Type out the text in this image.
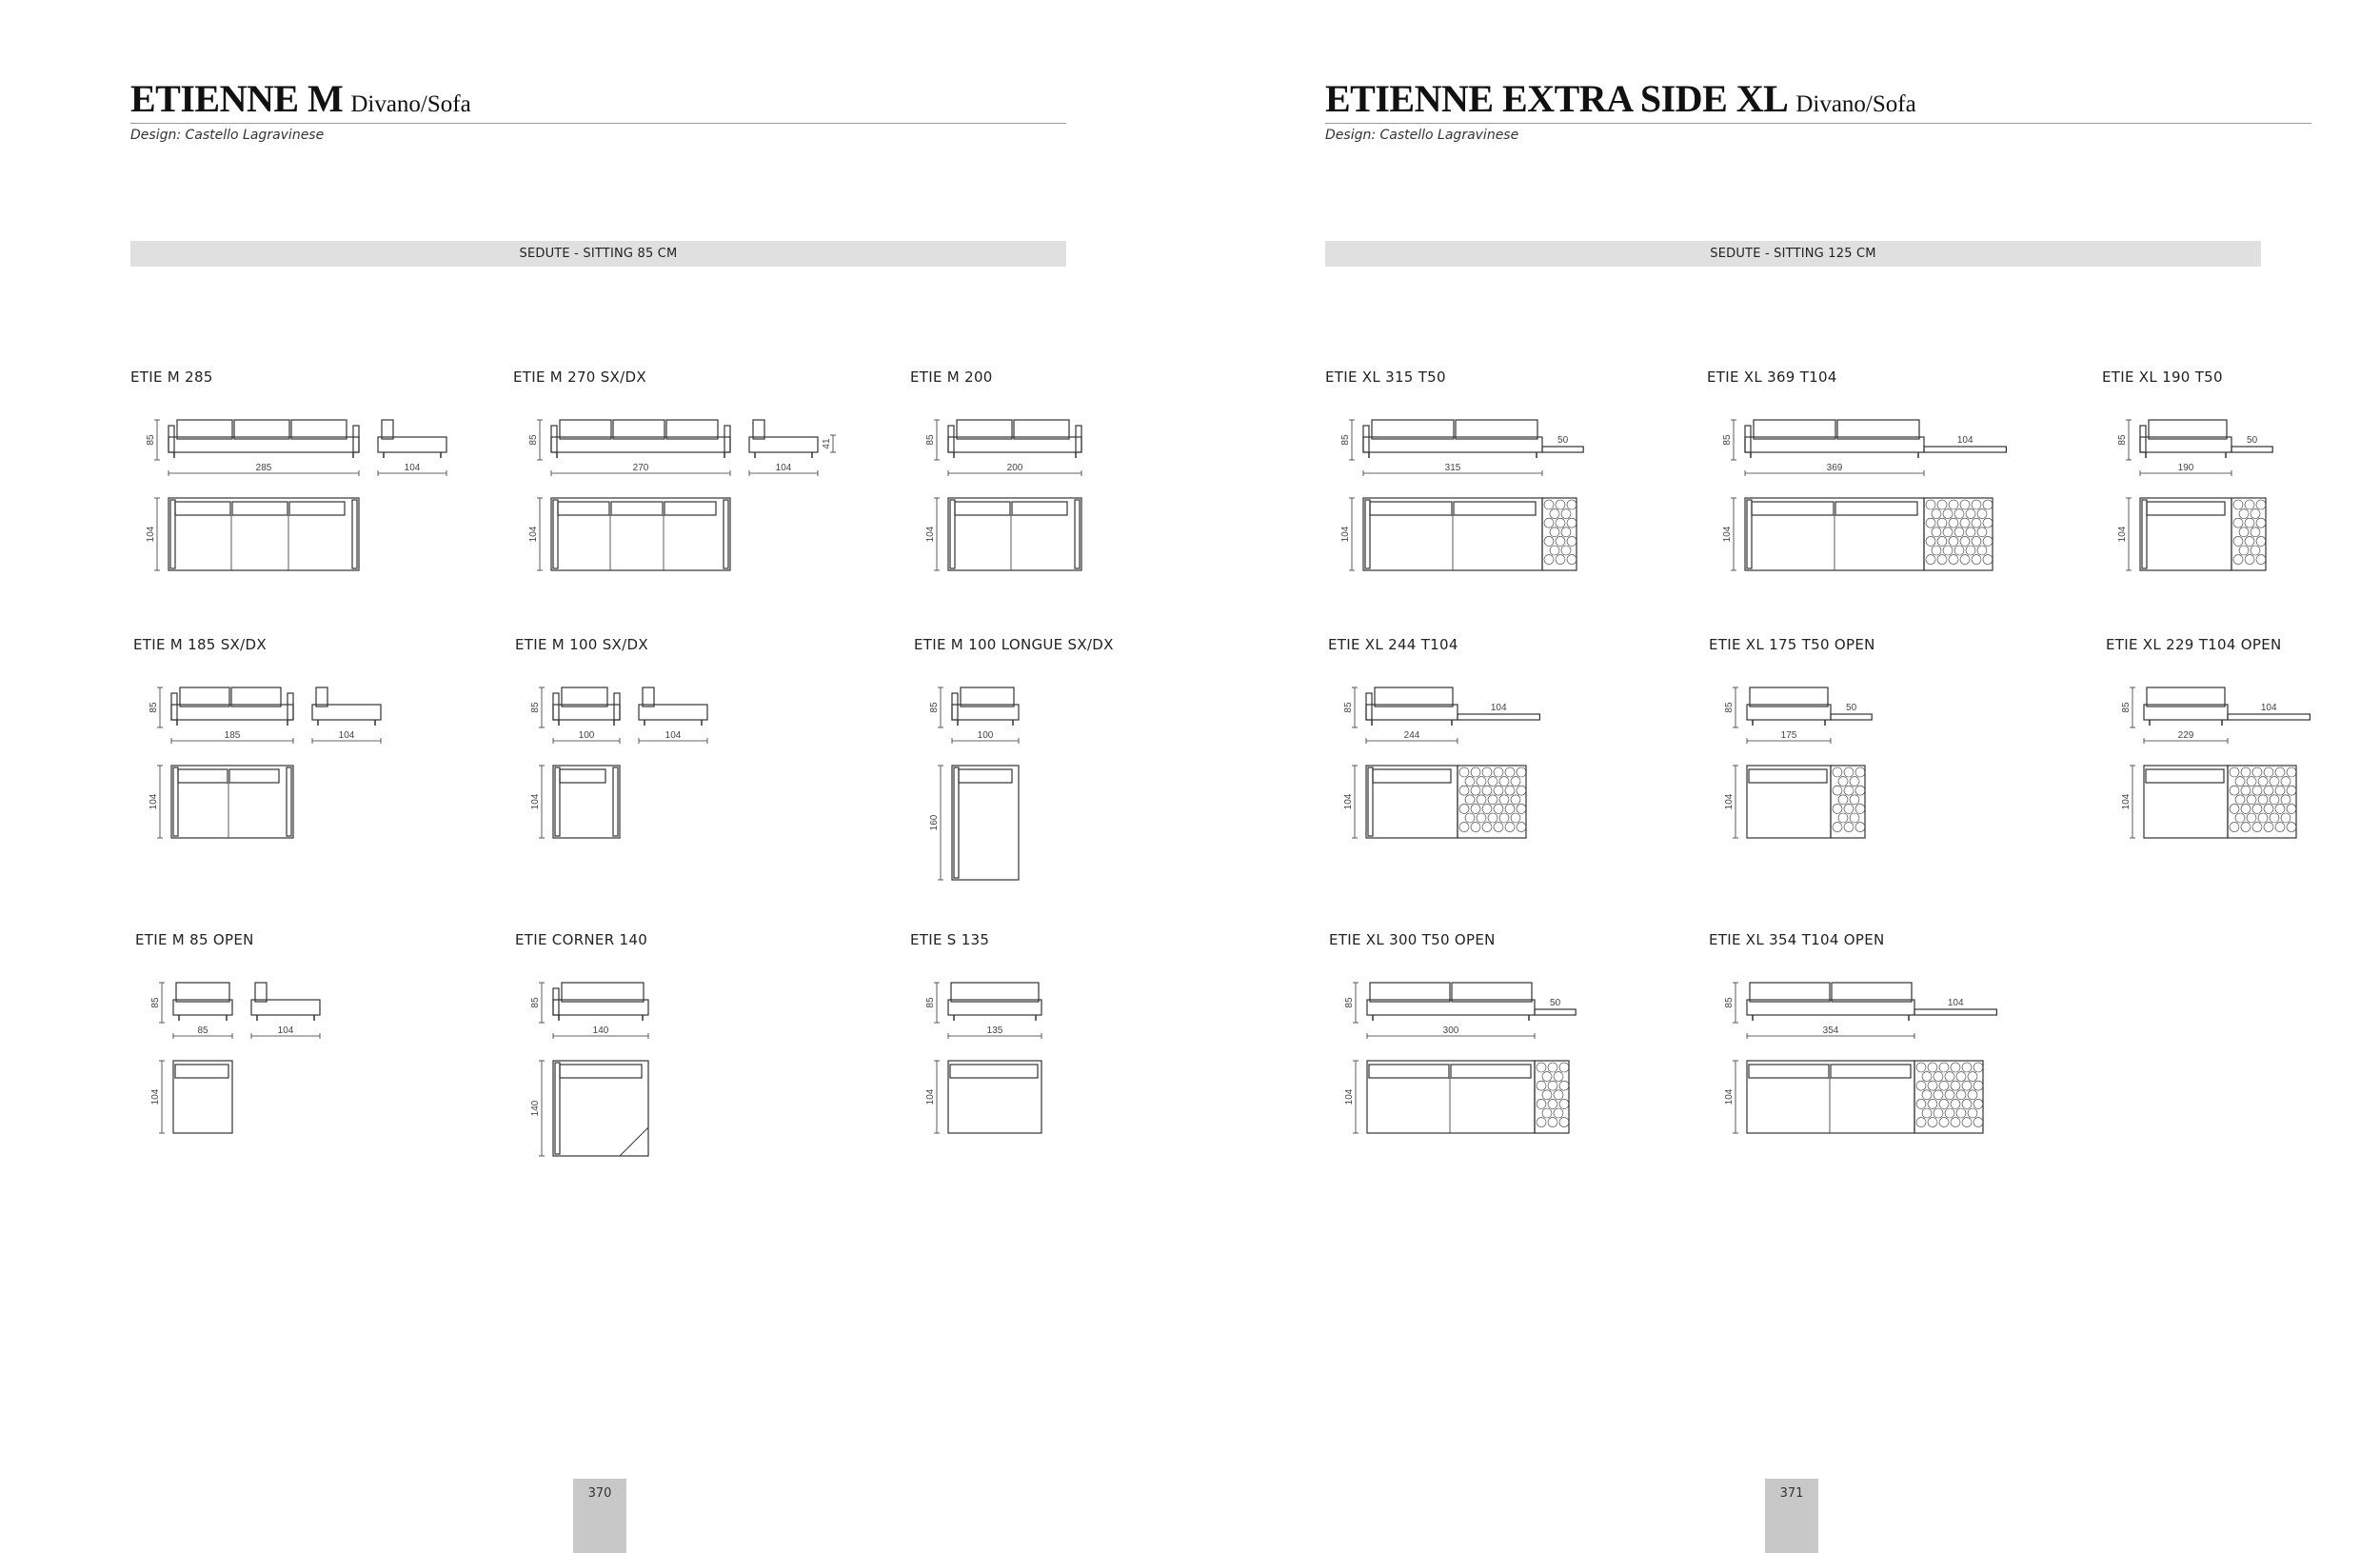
ETIENNE M Divano/Sofa
Design: Castello Lagravinese
SEDUTE - SITTING 85 CM
ETIE M 285
85
285	104
104
ETIE M 270 SX/DX
85
270	104
41
104
ETIE M 200
85
200
104
ETIE M 185 SX/DX
85
185	104
104
ETIE M 100 SX/DX
85
100	104
104
ETIE M 100 LONGUE SX/DX
85
100
160
ETIE M 85 OPEN
85
85	104
104
ETIE CORNER 140
85
140
140
ETIE S 135
85
135
104
370
ETIENNE EXTRA SIDE XL Divano/Sofa
Design: Castello Lagravinese
SEDUTE - SITTING 125 CM
ETIE XL 315 T50
85
315
50
104
ETIE XL 369 T104
85
369
104
104
ETIE XL 190 T50
85
190
50
104
ETIE XL 244 T104
85
244
104
104
ETIE XL 175 T50 OPEN
85
175
50
104
ETIE XL 229 T104 OPEN
85
229
104
104
ETIE XL 300 T50 OPEN
85
300
50
104
ETIE XL 354 T104 OPEN
85
354
104
104
371
